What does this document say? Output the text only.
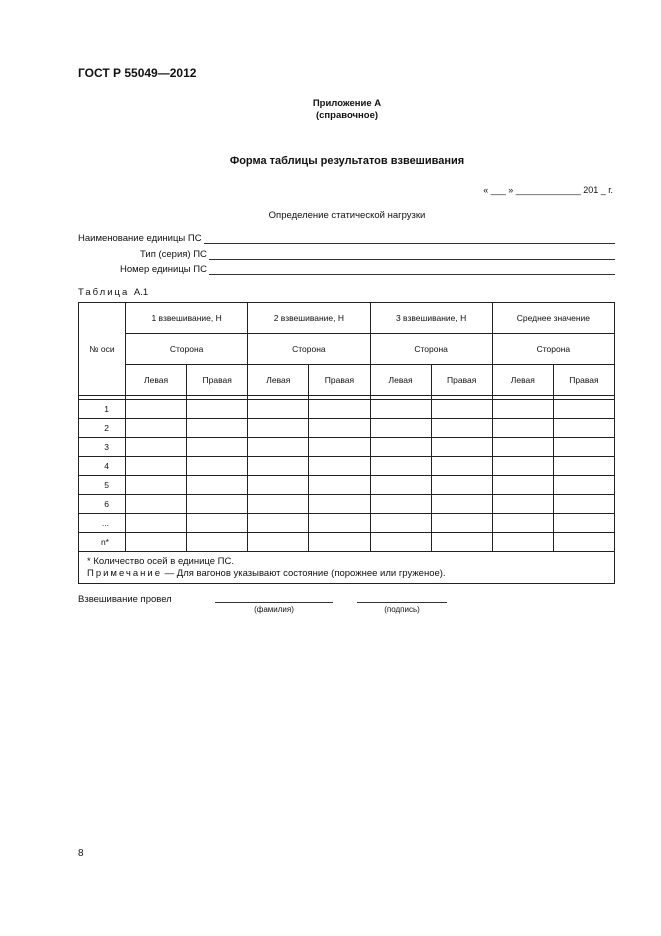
ГОСТ Р 55049—2012
Приложение А
(справочное)
Форма таблицы результатов взвешивания
« ___ » _____________ 201 _ г.
Определение статической нагрузки
Наименование единицы ПС
Тип (серия) ПС
Номер единицы ПС
Таблица А.1
№ оси	1 взвешивание, Н		2 взвешивание, Н		3 взвешивание, Н		Среднее значение	
	Сторона		Сторона		Сторона		Сторона	
	Левая	Правая	Левая	Правая	Левая	Правая	Левая	Правая

1								
2								
3								
4								
5								
6								
...								
n*								

* Количество осей в единице ПС.
Примечание — Для вагонов указывают состояние (порожнее или груженое).								
Взвешивание провел
(фамилия)	(подпись)
8
